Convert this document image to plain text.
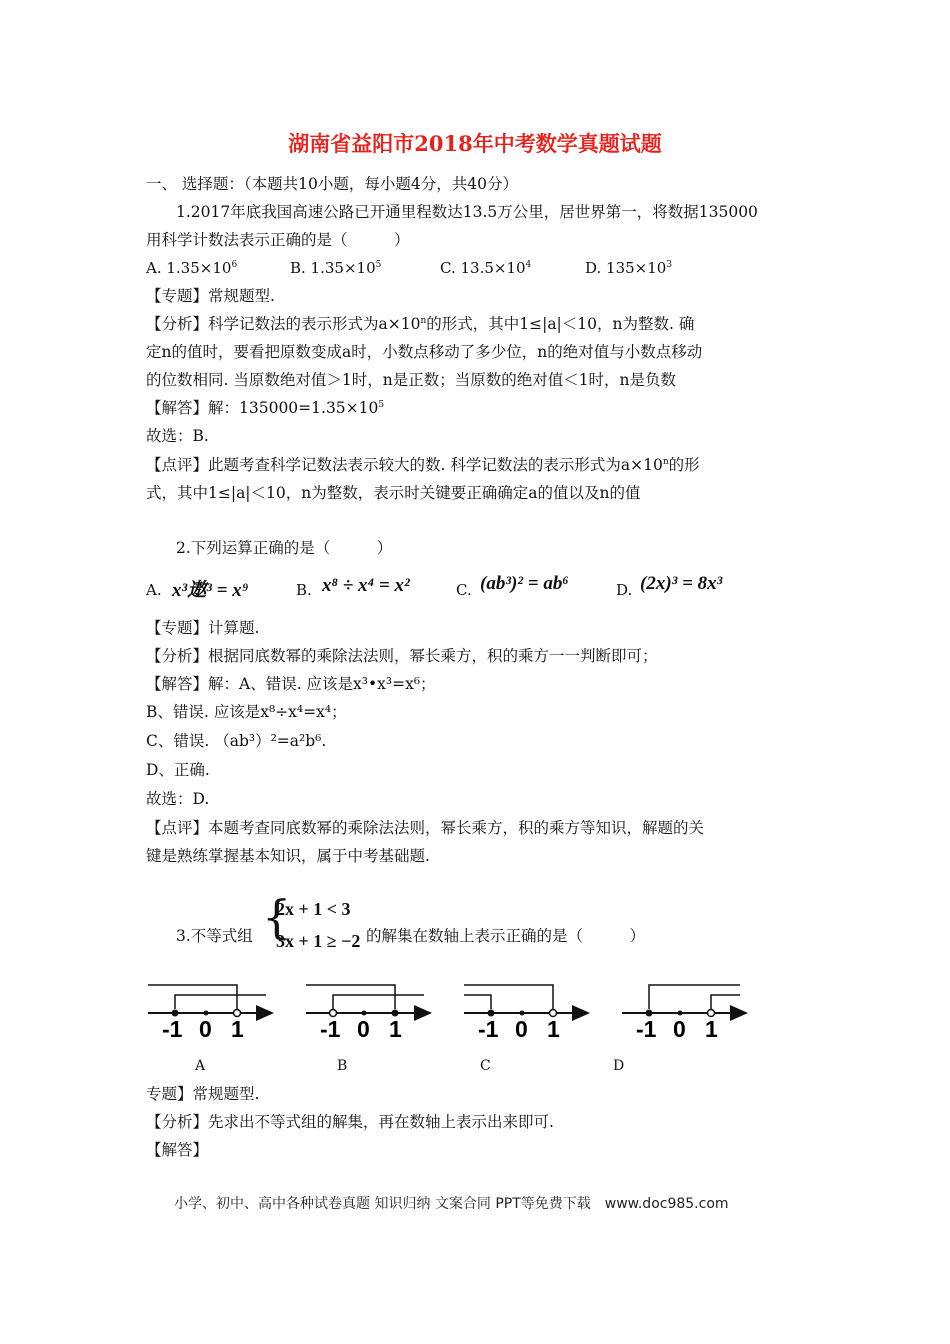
湖南省益阳市2018年中考数学真题试题
一、 选择题：（本题共10小题，每小题4分，共40分）
1.2017年底我国高速公路已开通里程数达13.5万公里，居世界第一，将数据135000
用科学计数法表示正确的是（　　　）
A. $1.35\times 10^6$	B. $1.35\times 10^5$	C. $13.5\times 10^4$	D. $135\times 10^3$
【专题】常规题型.
【分析】科学记数法的表示形式为$a\times 10^n$的形式，其中1≤|a|＜10，n为整数. 确
定n的值时，要看把原数变成a时，小数点移动了多少位，n的绝对值与小数点移动
的位数相同. 当原数绝对值＞1时，n是正数；当原数的绝对值＜1时，n是负数
【解答】解：$135000=1.35\times 10^5$
故选：B.
【点评】此题考查科学记数法表示较大的数. 科学记数法的表示形式为$a\times 10^n$的形
式，其中1≤|a|＜10，n为整数，表示时关键要正确确定a的值以及n的值
2.下列运算正确的是（　　　）
A. x³遨³ = x⁹	B. x⁸ ÷ x⁴ = x²	C. (ab³)² = ab⁶	D. (2x)³ = 8x³
【专题】计算题.
【分析】根据同底数幂的乘除法法则，幂长乘方，积的乘方一一判断即可；
【解答】解：A、错误. 应该是x³•x³=x⁶；
B、错误. 应该是x⁸÷x⁴=x⁴；
C、错误. （ab³）²=a²b⁶.
D、正确.
故选：D.
【点评】本题考查同底数幂的乘除法法则，幂长乘方，积的乘方等知识，解题的关
键是熟练掌握基本知识，属于中考基础题.
3.不等式组 {
2x + 1 < 3
3x + 1 ≥ −2 的解集在数轴上表示正确的是（　　　）
-1 0 1	-1 0 1	-1 0 1	-1 0 1
A	B	C	D
专题】常规题型.
【分析】先求出不等式组的解集，再在数轴上表示出来即可.
【解答】
小学、初中、高中各种试卷真题 知识归纳 文案合同 PPT等免费下载　www.doc985.com
